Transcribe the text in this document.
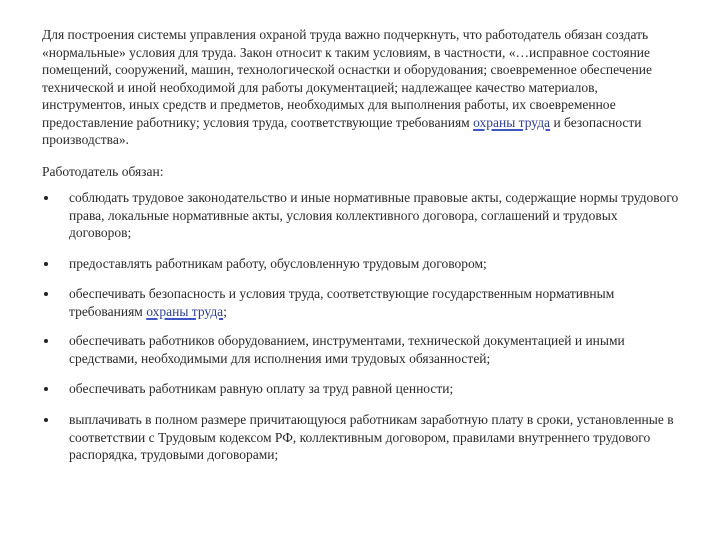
Для построения системы управления охраной труда важно подчеркнуть, что работодатель обязан создать «нормальные» условия для труда. Закон относит к таким условиям, в частности, «…исправное состояние помещений, сооружений, машин, технологической оснастки и оборудования; своевременное обеспечение технической и иной необходимой для работы документацией; надлежащее качество материалов, инструментов, иных средств и предметов, необходимых для выполнения работы, их своевременное предоставление работнику; условия труда, соответствующие требованиям охраны труда и безопасности производства».

Работодатель обязан:

соблюдать трудовое законодательство и иные нормативные правовые акты, содержащие нормы трудового права, локальные нормативные акты, условия коллективного договора, соглашений и трудовых договоров;
предоставлять работникам работу, обусловленную трудовым договором;
обеспечивать безопасность и условия труда, соответствующие государственным нормативным требованиям охраны труда;
обеспечивать работников оборудованием, инструментами, технической документацией и иными средствами, необходимыми для исполнения ими трудовых обязанностей;
обеспечивать работникам равную оплату за труд равной ценности;
выплачивать в полном размере причитающуюся работникам заработную плату в сроки, установленные в соответствии с Трудовым кодексом РФ, коллективным договором, правилами внутреннего трудового распорядка, трудовыми договорами;
